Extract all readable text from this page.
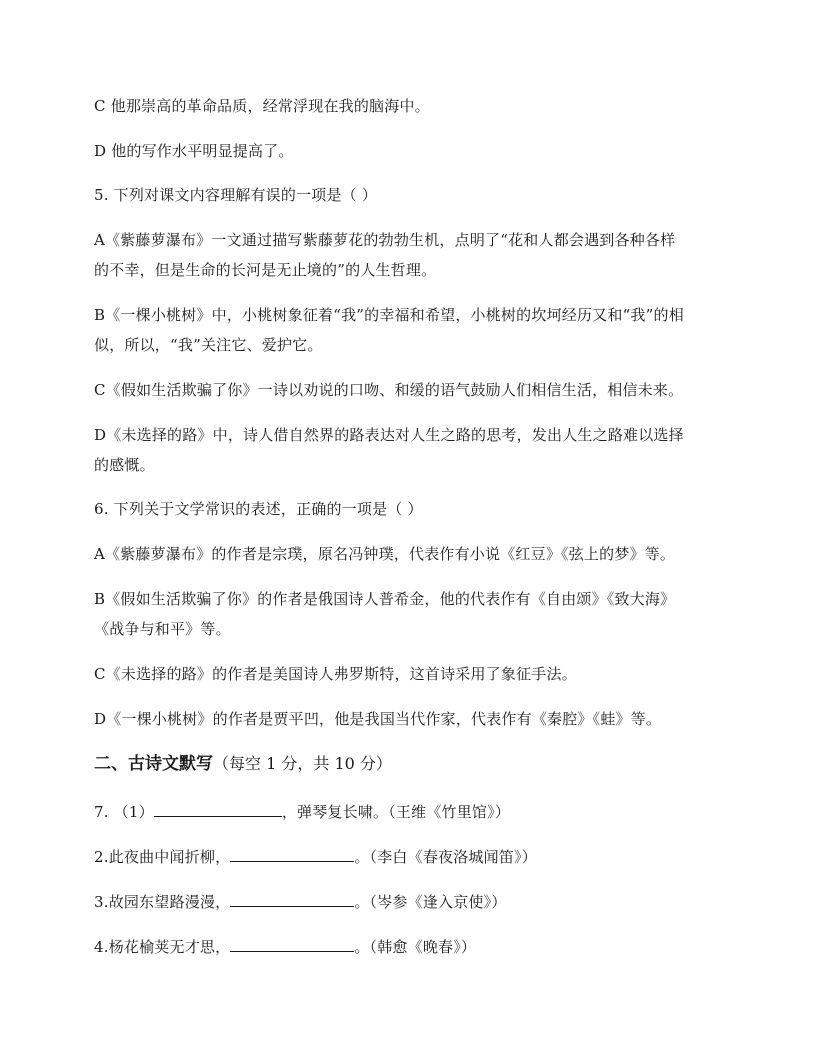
C 他那崇高的革命品质，经常浮现在我的脑海中。
D 他的写作水平明显提高了。
5. 下列对课文内容理解有误的一项是（ ）
A《紫藤萝瀑布》一文通过描写紫藤萝花的勃勃生机，点明了“花和人都会遇到各种各样
的不幸，但是生命的长河是无止境的”的人生哲理。
B《一棵小桃树》中，小桃树象征着“我”的幸福和希望，小桃树的坎坷经历又和“我”的相
似，所以，“我”关注它、爱护它。
C《假如生活欺骗了你》一诗以劝说的口吻、和缓的语气鼓励人们相信生活，相信未来。
D《未选择的路》中，诗人借自然界的路表达对人生之路的思考，发出人生之路难以选择
的感慨。
6. 下列关于文学常识的表述，正确的一项是（ ）
A《紫藤萝瀑布》的作者是宗璞，原名冯钟璞，代表作有小说《红豆》《弦上的梦》等。
B《假如生活欺骗了你》的作者是俄国诗人普希金，他的代表作有《自由颂》《致大海》
《战争与和平》等。
C《未选择的路》的作者是美国诗人弗罗斯特，这首诗采用了象征手法。
D《一棵小桃树》的作者是贾平凹，他是我国当代作家，代表作有《秦腔》《蛙》等。
二、古诗文默写（每空 1 分，共 10 分）
7. （1）	，弹琴复长啸。（王维《竹里馆》）
2.此夜曲中闻折柳，	。（李白《春夜洛城闻笛》）
3.故园东望路漫漫，	。（岑参《逢入京使》）
4.杨花榆荚无才思，	。（韩愈《晚春》）
